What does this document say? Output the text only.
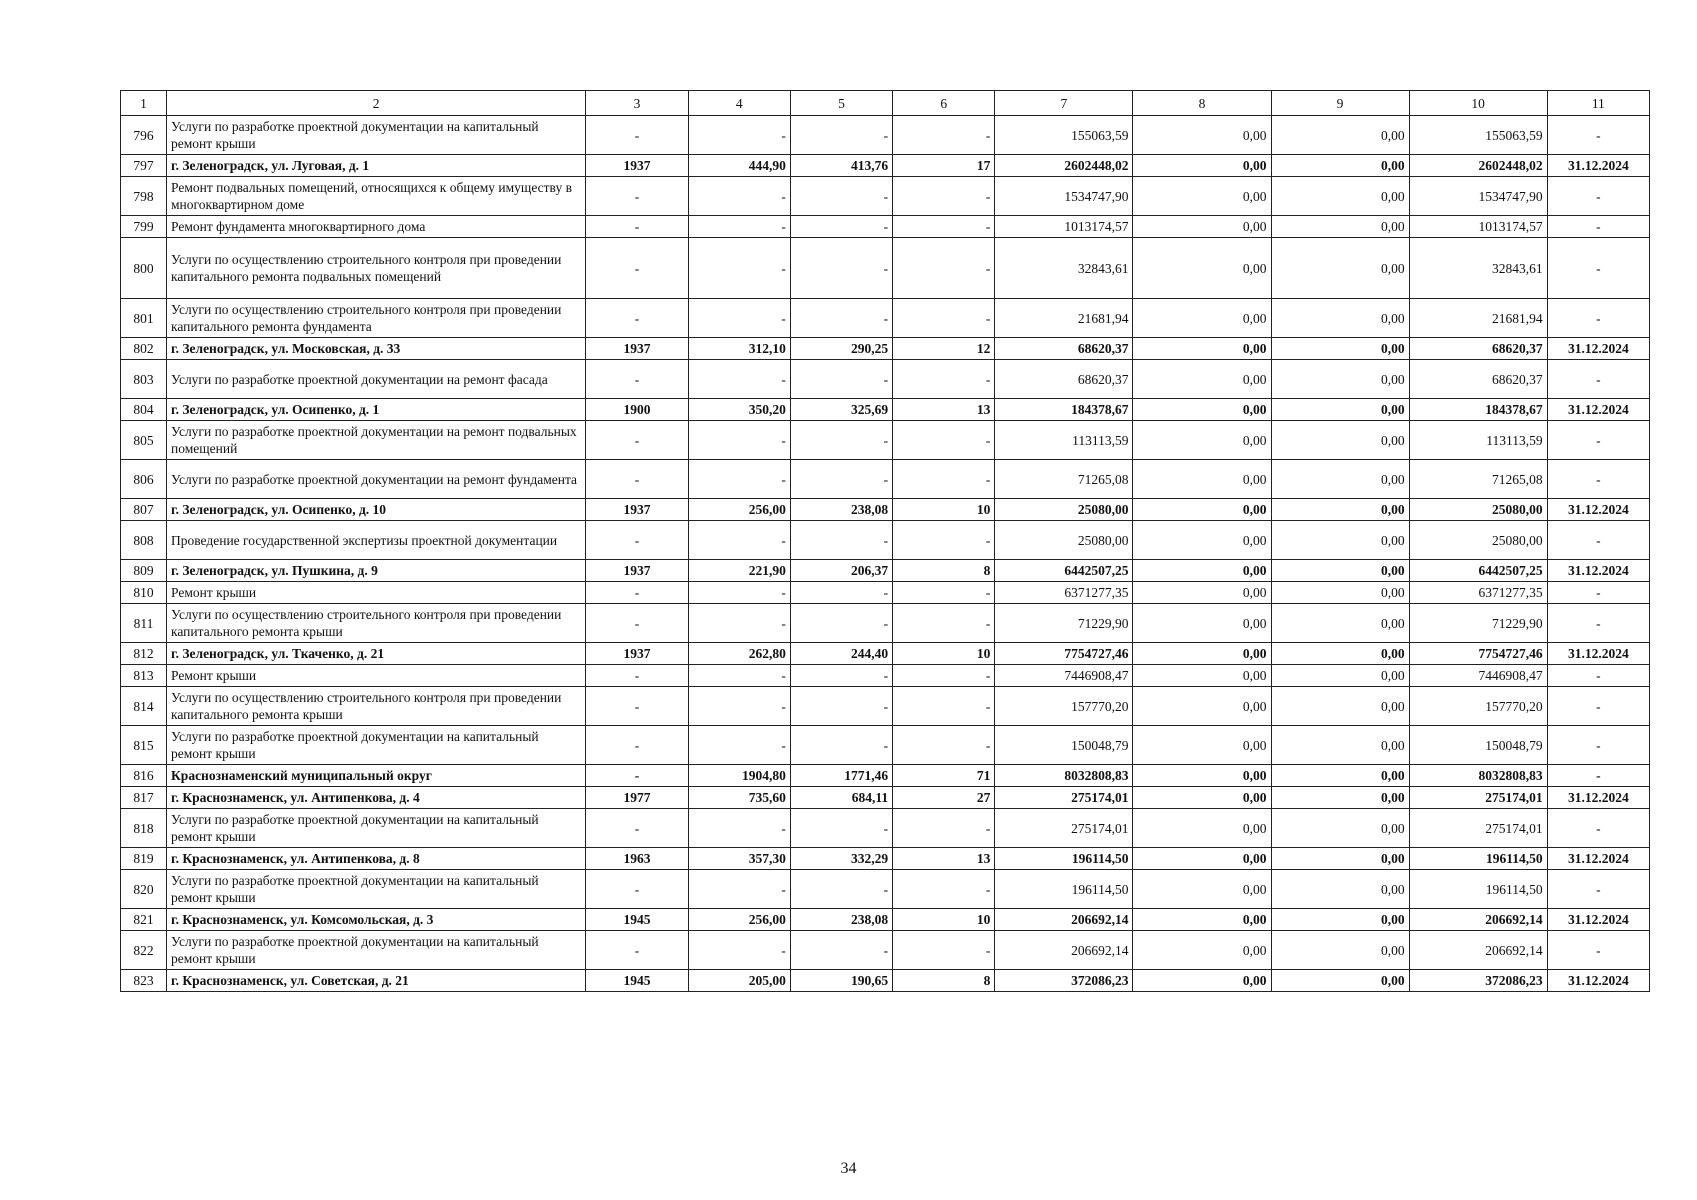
1	2	3	4	5	6	7	8	9	10	11
796	Услуги по разработке проектной документации на капитальный ремонт крыши	-	-	-	-	155063,59	0,00	0,00	155063,59	-
797	г. Зеленоградск, ул. Луговая, д. 1	1937	444,90	413,76	17	2602448,02	0,00	0,00	2602448,02	31.12.2024
798	Ремонт подвальных помещений, относящихся к общему имуществу в многоквартирном доме	-	-	-	-	1534747,90	0,00	0,00	1534747,90	-
799	Ремонт фундамента многоквартирного дома	-	-	-	-	1013174,57	0,00	0,00	1013174,57	-
800	Услуги по осуществлению строительного контроля при проведении капитального ремонта подвальных помещений	-	-	-	-	32843,61	0,00	0,00	32843,61	-
801	Услуги по осуществлению строительного контроля при проведении капитального ремонта фундамента	-	-	-	-	21681,94	0,00	0,00	21681,94	-
802	г. Зеленоградск, ул. Московская, д. 33	1937	312,10	290,25	12	68620,37	0,00	0,00	68620,37	31.12.2024
803	Услуги по разработке проектной документации на ремонт фасада	-	-	-	-	68620,37	0,00	0,00	68620,37	-
804	г. Зеленоградск, ул. Осипенко, д. 1	1900	350,20	325,69	13	184378,67	0,00	0,00	184378,67	31.12.2024
805	Услуги по разработке проектной документации на ремонт подвальных помещений	-	-	-	-	113113,59	0,00	0,00	113113,59	-
806	Услуги по разработке проектной документации на ремонт фундамента	-	-	-	-	71265,08	0,00	0,00	71265,08	-
807	г. Зеленоградск, ул. Осипенко, д. 10	1937	256,00	238,08	10	25080,00	0,00	0,00	25080,00	31.12.2024
808	Проведение государственной экспертизы проектной документации	-	-	-	-	25080,00	0,00	0,00	25080,00	-
809	г. Зеленоградск, ул. Пушкина, д. 9	1937	221,90	206,37	8	6442507,25	0,00	0,00	6442507,25	31.12.2024
810	Ремонт крыши	-	-	-	-	6371277,35	0,00	0,00	6371277,35	-
811	Услуги по осуществлению строительного контроля при проведении капитального ремонта крыши	-	-	-	-	71229,90	0,00	0,00	71229,90	-
812	г. Зеленоградск, ул. Ткаченко, д. 21	1937	262,80	244,40	10	7754727,46	0,00	0,00	7754727,46	31.12.2024
813	Ремонт крыши	-	-	-	-	7446908,47	0,00	0,00	7446908,47	-
814	Услуги по осуществлению строительного контроля при проведении капитального ремонта крыши	-	-	-	-	157770,20	0,00	0,00	157770,20	-
815	Услуги по разработке проектной документации на капитальный ремонт крыши	-	-	-	-	150048,79	0,00	0,00	150048,79	-
816	Краснознаменский муниципальный округ	-	1904,80	1771,46	71	8032808,83	0,00	0,00	8032808,83	-
817	г. Краснознаменск, ул. Антипенкова, д. 4	1977	735,60	684,11	27	275174,01	0,00	0,00	275174,01	31.12.2024
818	Услуги по разработке проектной документации на капитальный ремонт крыши	-	-	-	-	275174,01	0,00	0,00	275174,01	-
819	г. Краснознаменск, ул. Антипенкова, д. 8	1963	357,30	332,29	13	196114,50	0,00	0,00	196114,50	31.12.2024
820	Услуги по разработке проектной документации на капитальный ремонт крыши	-	-	-	-	196114,50	0,00	0,00	196114,50	-
821	г. Краснознаменск, ул. Комсомольская, д. 3	1945	256,00	238,08	10	206692,14	0,00	0,00	206692,14	31.12.2024
822	Услуги по разработке проектной документации на капитальный ремонт крыши	-	-	-	-	206692,14	0,00	0,00	206692,14	-
823	г. Краснознаменск, ул. Советская, д. 21	1945	205,00	190,65	8	372086,23	0,00	0,00	372086,23	31.12.2024
34
